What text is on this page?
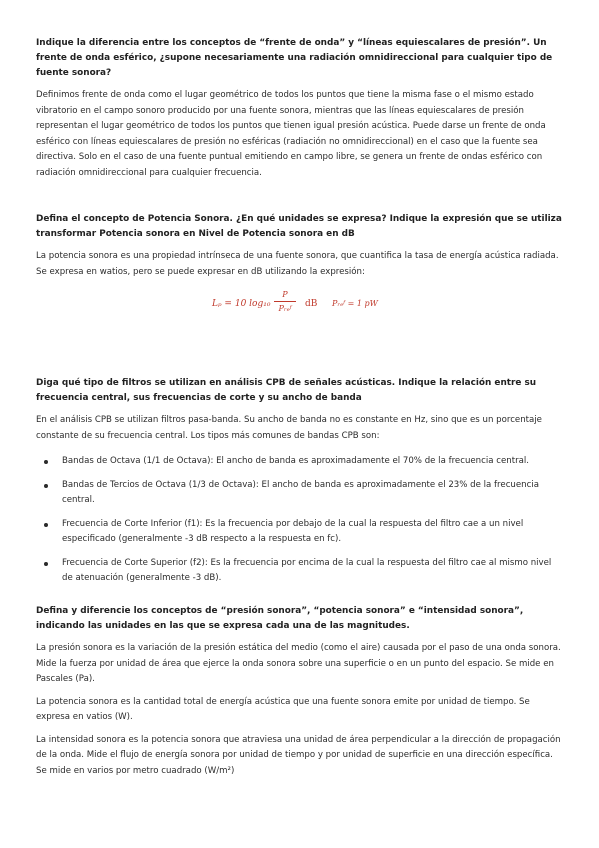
Indique la diferencia entre los conceptos de “frente de onda” y “líneas equiescalares de presión”. Un frente de onda esférico, ¿supone necesariamente una radiación omnidireccional para cualquier tipo de fuente sonora?

Definimos frente de onda como el lugar geométrico de todos los puntos que tiene la misma fase o el mismo estado vibratorio en el campo sonoro producido por una fuente sonora, mientras que las líneas equiescalares de presión representan el lugar geométrico de todos los puntos que tienen igual presión acústica. Puede darse un frente de onda esférico con líneas equiescalares de presión no esféricas (radiación no omnidireccional) en el caso que la fuente sea directiva. Solo en el caso de una fuente puntual emitiendo en campo libre, se genera un frente de ondas esférico con radiación omnidireccional para cualquier frecuencia.

Defina el concepto de Potencia Sonora. ¿En qué unidades se expresa? Indique la expresión que se utiliza transformar Potencia sonora en Nivel de Potencia sonora en dB

La potencia sonora es una propiedad intrínseca de una fuente sonora, que cuantifica la tasa de energía acústica radiada. Se expresa en watios, pero se puede expresar en dB utilizando la expresión:

Lₚ = 10 log₁₀
P
Pᵣₑᶠ	dB Pᵣₑᶠ = 1 pW

Diga qué tipo de filtros se utilizan en análisis CPB de señales acústicas. Indique la relación entre su frecuencia central, sus frecuencias de corte y su ancho de banda

En el análisis CPB se utilizan filtros pasa-banda. Su ancho de banda no es constante en Hz, sino que es un porcentaje constante de su frecuencia central. Los tipos más comunes de bandas CPB son:

Bandas de Octava (1/1 de Octava): El ancho de banda es aproximadamente el 70% de la frecuencia central.
Bandas de Tercios de Octava (1/3 de Octava): El ancho de banda es aproximadamente el 23% de la frecuencia central.
Frecuencia de Corte Inferior (f1): Es la frecuencia por debajo de la cual la respuesta del filtro cae a un nivel especificado (generalmente -3 dB respecto a la respuesta en fc).
Frecuencia de Corte Superior (f2): Es la frecuencia por encima de la cual la respuesta del filtro cae al mismo nivel de atenuación (generalmente -3 dB).

Defina y diferencie los conceptos de “presión sonora”, “potencia sonora” e “intensidad sonora”, indicando las unidades en las que se expresa cada una de las magnitudes.

La presión sonora es la variación de la presión estática del medio (como el aire) causada por el paso de una onda sonora. Mide la fuerza por unidad de área que ejerce la onda sonora sobre una superficie o en un punto del espacio. Se mide en Pascales (Pa).

La potencia sonora es la cantidad total de energía acústica que una fuente sonora emite por unidad de tiempo. Se expresa en vatios (W).

La intensidad sonora es la potencia sonora que atraviesa una unidad de área perpendicular a la dirección de propagación de la onda. Mide el flujo de energía sonora por unidad de tiempo y por unidad de superficie en una dirección específica. Se mide en varios por metro cuadrado (W/m²)
